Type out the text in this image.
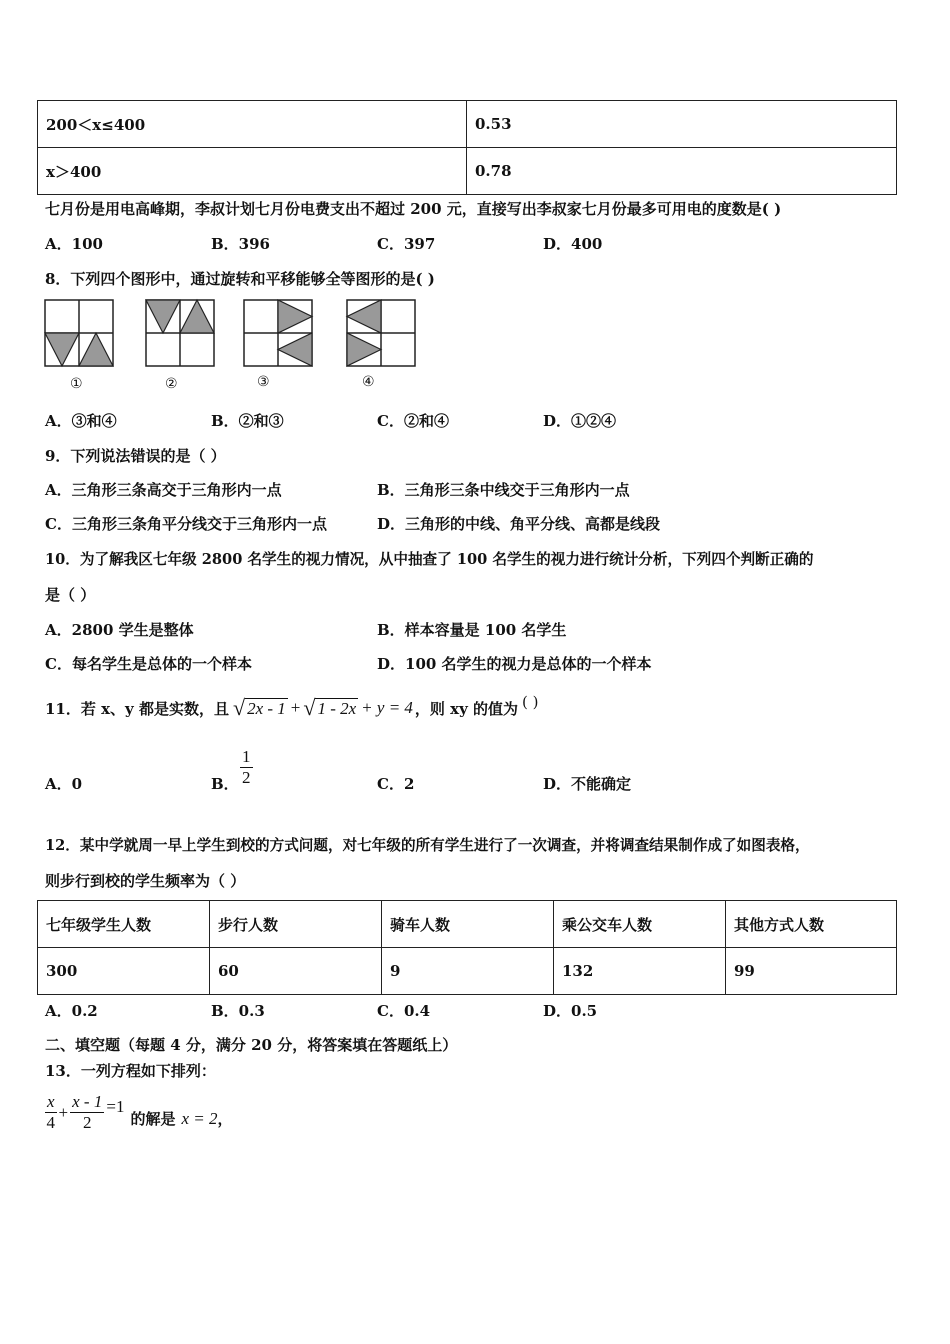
200＜x≤400	0.53
x＞400	0.78
七月份是用电高峰期，李叔计划七月份电费支出不超过 200 元，直接写出李叔家七月份最多可用电的度数是( )
A．100	B．396	C．397	D．400
8．下列四个图形中，通过旋转和平移能够全等图形的是( )
①	②	③	④
A．③和④	B．②和③	C．②和④	D．①②④
9．下列说法错误的是（ ）
A．三角形三条高交于三角形内一点	B．三角形三条中线交于三角形内一点
C．三角形三条角平分线交于三角形内一点	D．三角形的中线、角平分线、高都是线段
10．为了解我区七年级 2800 名学生的视力情况，从中抽查了 100 名学生的视力进行统计分析，下列四个判断正确的
是（ ）
A．2800 学生是整体	B．样本容量是 100 名学生
C．每名学生是总体的一个样本	D．100 名学生的视力是总体的一个样本
11．若 x、y 都是实数，且 √ 2x - 1 + √ 1 - 2x + y = 4 ，则 xy 的值为 ( )
A．0	B． $\frac{1}{2}$	C．2	D．不能确定
12．某中学就周一早上学生到校的方式问题，对七年级的所有学生进行了一次调查，并将调查结果制作成了如图表格，
则步行到校的学生频率为（ ）
七年级学生人数	步行人数	骑车人数	乘公交车人数	其他方式人数
300	60	9	132	99
A．0.2	B．0.3	C．0.4	D．0.5
二、填空题（每题 4 分，满分 20 分，将答案填在答题纸上）
13．一列方程如下排列：
$\frac{x}{4} + \frac{x - 1}{2} =1$
的解是 x = 2 ，
